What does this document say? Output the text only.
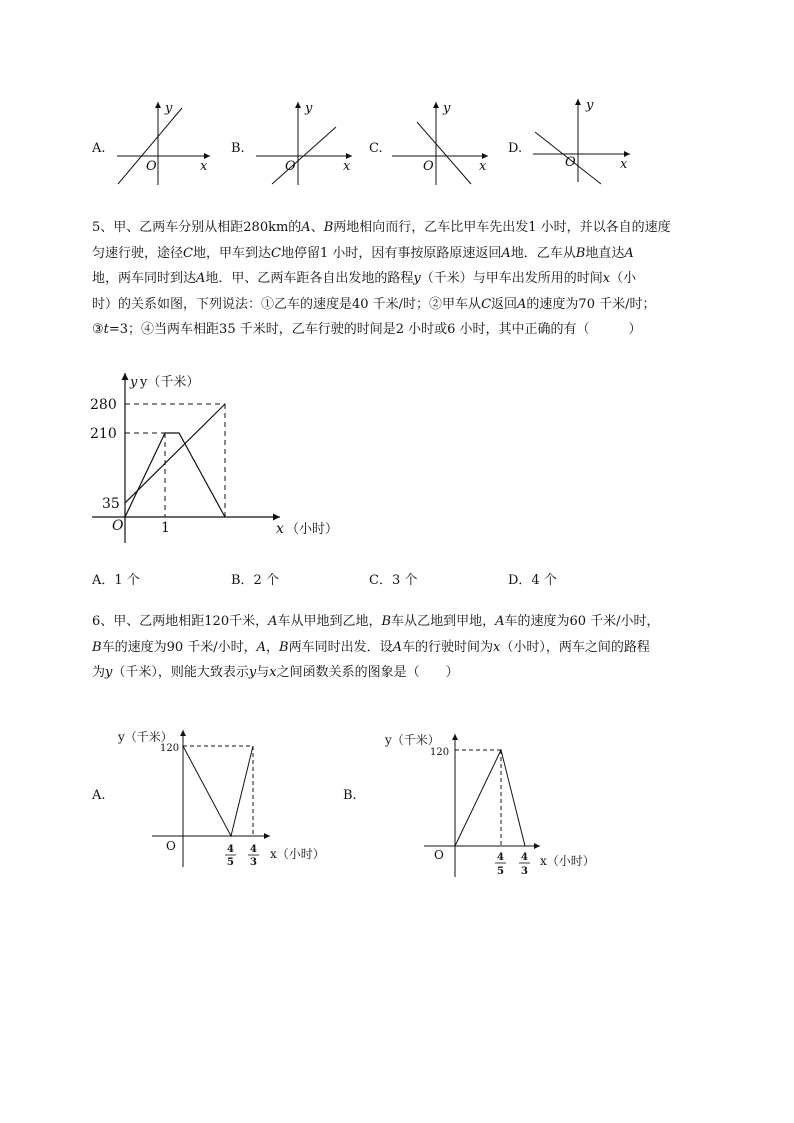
A.	B.	C.	D.
y
x
O
y
x
O
y
x
O
y
x
O
5、甲、乙两车分别从相距280km的A、B两地相向而行，乙车比甲车先出发1 小时，并以各自的速度
匀速行驶，途径C地，甲车到达C地停留1 小时，因有事按原路原速返回A地．乙车从B地直达A
地，两车同时到达A地．甲、乙两车距各自出发地的路程y（千米）与甲车出发所用的时间x（小
时）的关系如图，下列说法：①乙车的速度是40 千米/时；②甲车从C返回A的速度为70 千米/时；
③t=3；④当两车相距35 千米时，乙车行驶的时间是2 小时或6 小时，其中正确的有（　　　）
y y（千米）
280
210
35
O	1	x （小时）
A．1 个	B．2 个	C．3 个	D．4 个
6、甲、乙两地相距120千米，A车从甲地到乙地，B车从乙地到甲地，A车的速度为60 千米/小时，
B车的速度为90 千米/小时，A，B两车同时出发．设A车的行驶时间为x（小时），两车之间的路程
为y（千米），则能大致表示y与x之间函数关系的图象是（　　）
A.	B.
y（千米）
120
O	4
5
4
3
x（小时）
y（千米）
120
O	4
5
4
3
x（小时）
